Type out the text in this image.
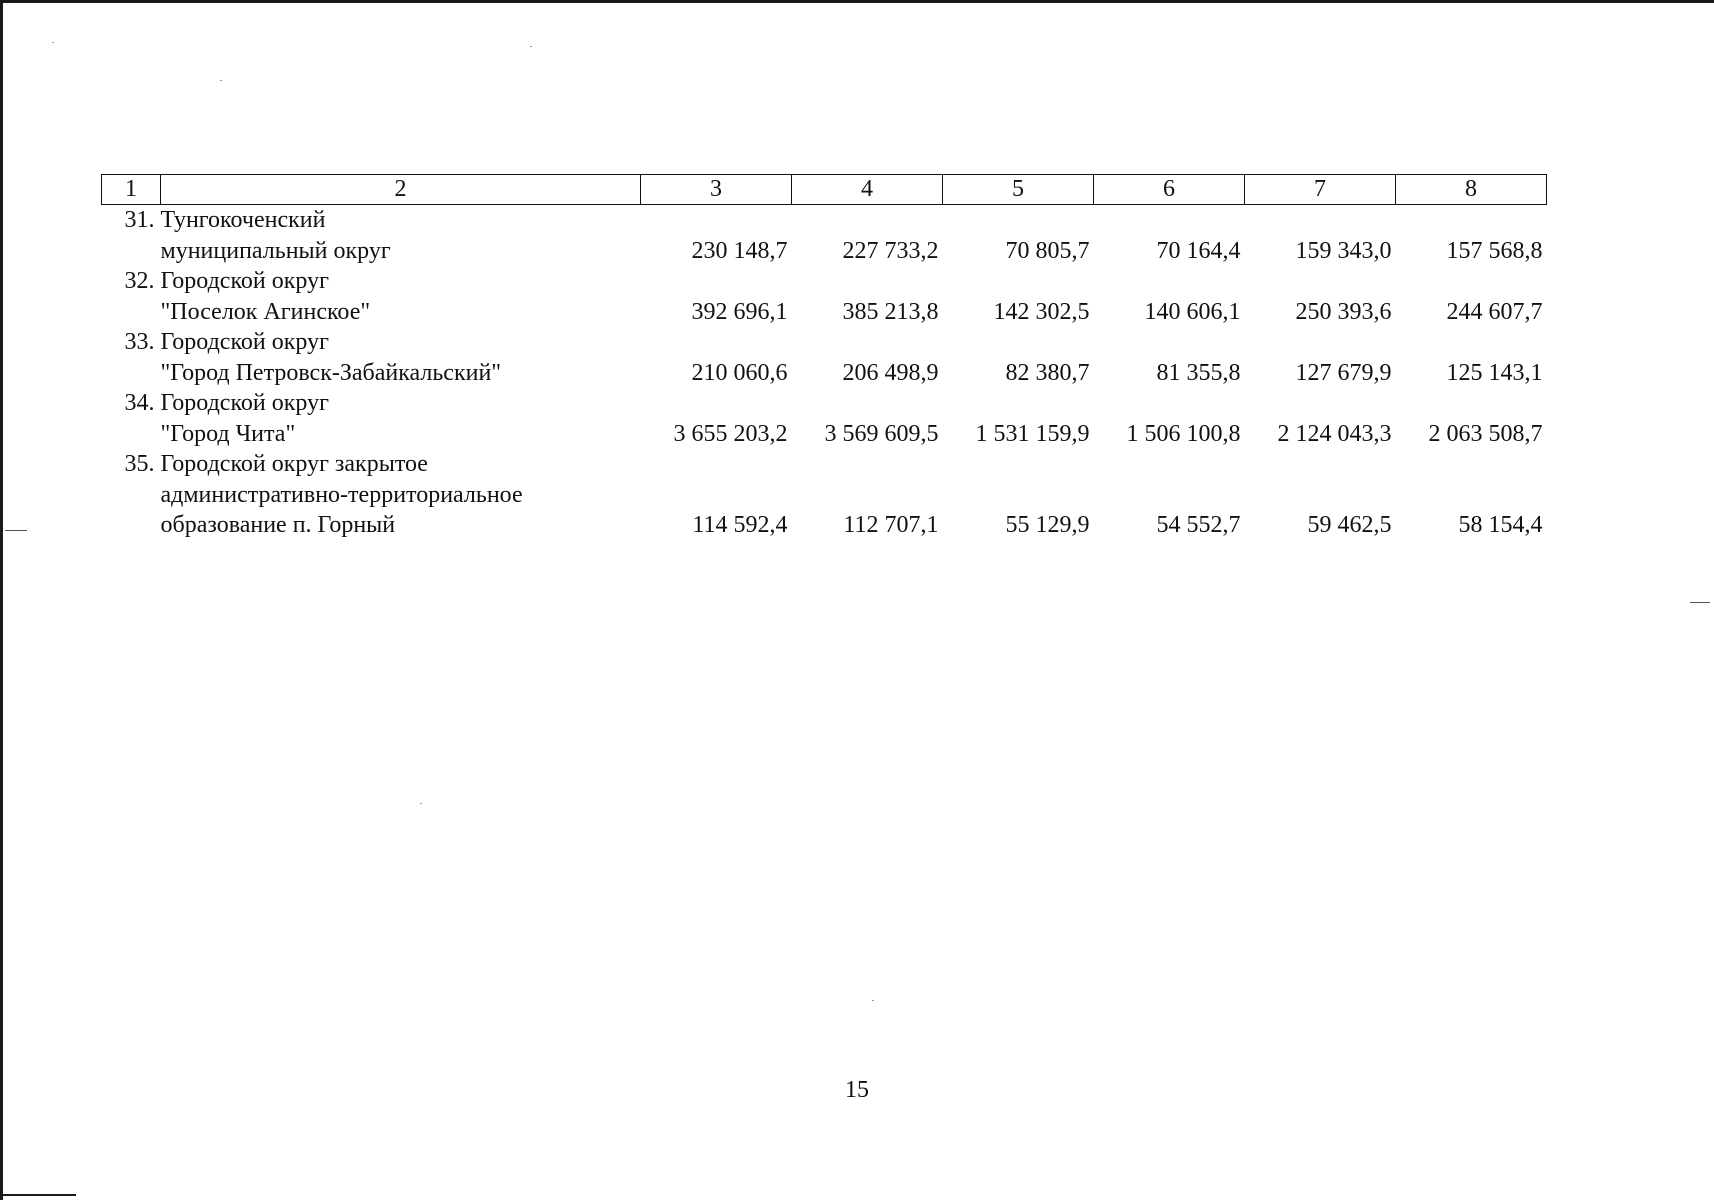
1	2	3	4	5	6	7	8
31.	Тунгокоченский
муниципальный округ	230 148,7	227 733,2	70 805,7	70 164,4	159 343,0	157 568,8
32.	Городской округ
"Поселок Агинское"	392 696,1	385 213,8	142 302,5	140 606,1	250 393,6	244 607,7
33.	Городской округ
"Город Петровск-Забайкальский"	210 060,6	206 498,9	82 380,7	81 355,8	127 679,9	125 143,1
34.	Городской округ
"Город Чита"	3 655 203,2	3 569 609,5	1 531 159,9	1 506 100,8	2 124 043,3	2 063 508,7
35.	Городской округ закрытое
административно-территориальное
образование п. Горный	114 592,4	112 707,1	55 129,9	54 552,7	59 462,5	58 154,4
15
